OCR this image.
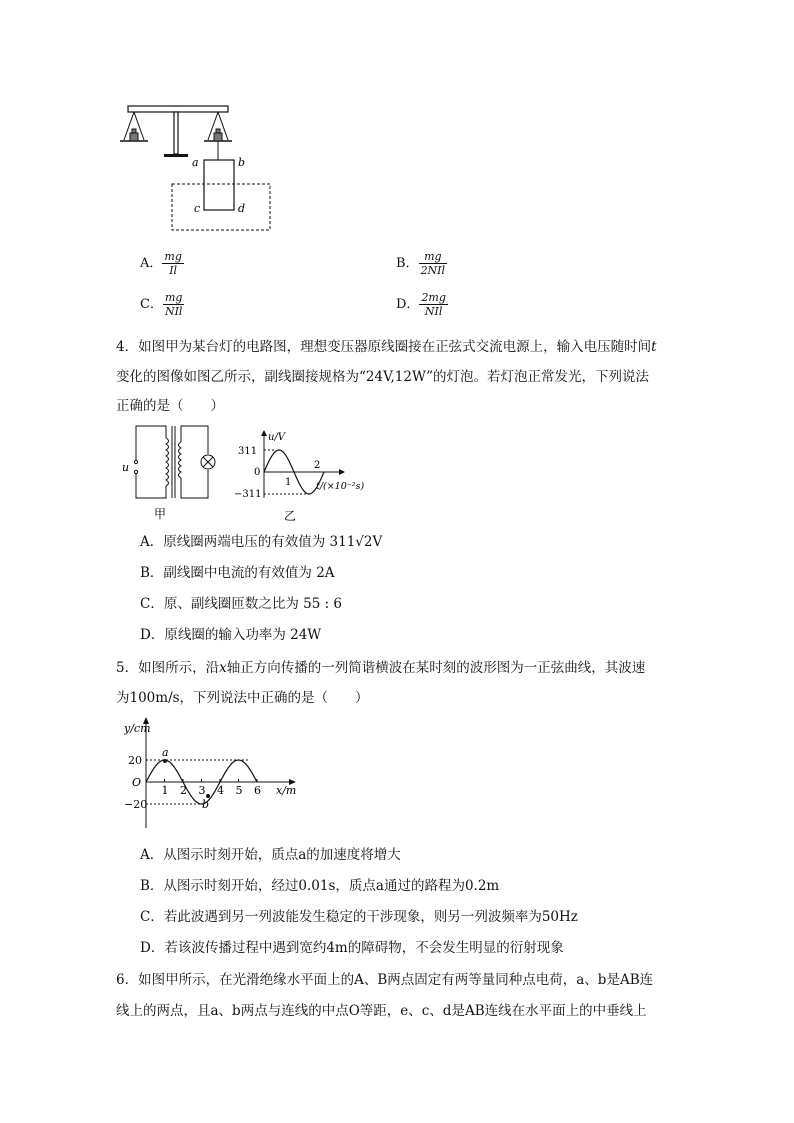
a	b
c	d
A． $\frac{mg}{Il}$	B． $\frac{mg}{\text{2NIl}}$
C． $\frac{mg}{\text{NIl}}$	D． $\frac{2mg}{\text{NIl}}$
4．如图甲为某台灯的电路图，理想变压器原线圈接在正弦式交流电源上，输入电压随时间t
变化的图像如图乙所示，副线圈接规格为“24V,12W”的灯泡。若灯泡正常发光，下列说法
正确的是（　　）
u
甲
u/V
311
0
−311
1
2
t/(×10⁻²s)
乙
A．原线圈两端电压的有效值为 311√2V
B．副线圈中电流的有效值为 2A
C．原、副线圈匝数之比为 55 : 6
D．原线圈的输入功率为 24W
5．如图所示，沿x轴正方向传播的一列简谐横波在某时刻的波形图为一正弦曲线，其波速
为100m/s，下列说法中正确的是（　　）
y/cm
20
−20
O
a
b
x/m
1 2 3 4 5 6
A．从图示时刻开始，质点a的加速度将增大
B．从图示时刻开始，经过0.01s，质点a通过的路程为0.2m
C．若此波遇到另一列波能发生稳定的干涉现象，则另一列波频率为50Hz
D．若该波传播过程中遇到宽约4m的障碍物，不会发生明显的衍射现象
6．如图甲所示，在光滑绝缘水平面上的A、B两点固定有两等量同种点电荷，a、b是AB连
线上的两点，且a、b两点与连线的中点O等距，e、c、d是AB连线在水平面上的中垂线上
